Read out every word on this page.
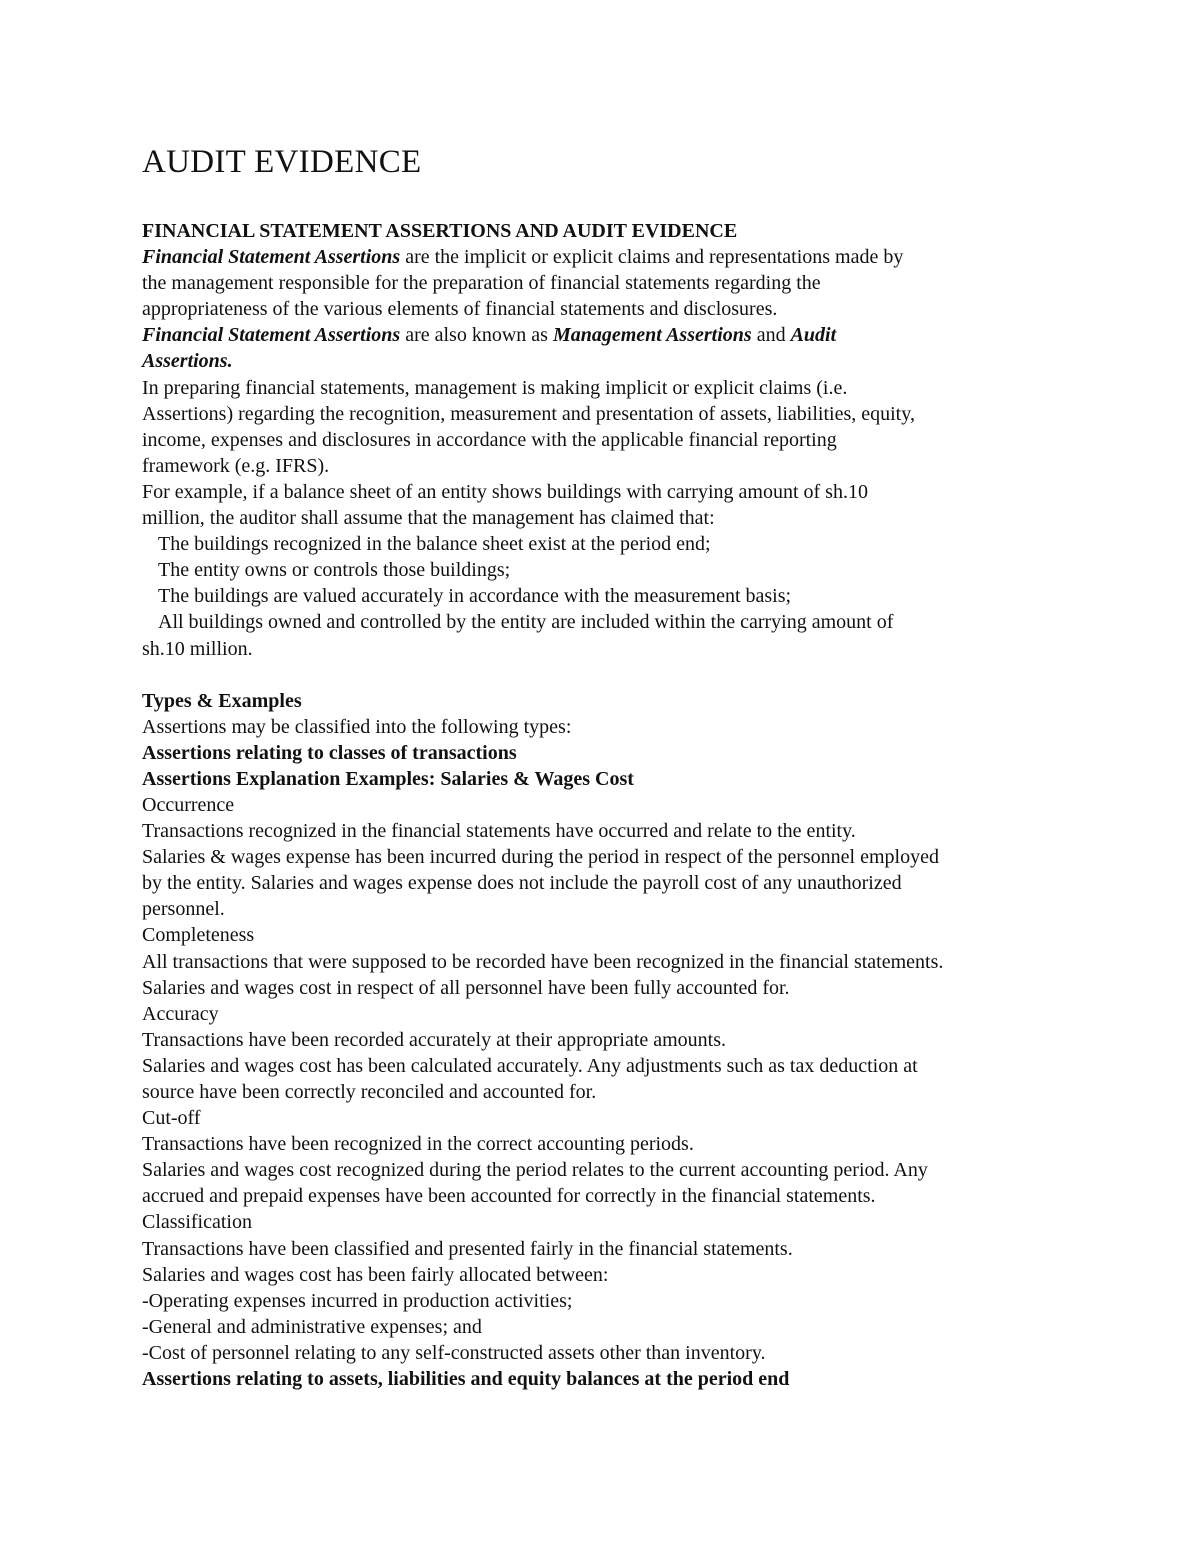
AUDIT EVIDENCE
FINANCIAL STATEMENT ASSERTIONS AND AUDIT EVIDENCE
Financial Statement Assertions are the implicit or explicit claims and representations made by
the management responsible for the preparation of financial statements regarding the
appropriateness of the various elements of financial statements and disclosures.
Financial Statement Assertions are also known as Management Assertions and Audit
Assertions.
In preparing financial statements, management is making implicit or explicit claims (i.e.
Assertions) regarding the recognition, measurement and presentation of assets, liabilities, equity,
income, expenses and disclosures in accordance with the applicable financial reporting
framework (e.g. IFRS).
For example, if a balance sheet of an entity shows buildings with carrying amount of sh.10
million, the auditor shall assume that the management has claimed that:
The buildings recognized in the balance sheet exist at the period end;
The entity owns or controls those buildings;
The buildings are valued accurately in accordance with the measurement basis;
All buildings owned and controlled by the entity are included within the carrying amount of
sh.10 million.
Types & Examples
Assertions may be classified into the following types:
Assertions relating to classes of transactions
Assertions Explanation Examples: Salaries & Wages Cost
Occurrence
Transactions recognized in the financial statements have occurred and relate to the entity.
Salaries & wages expense has been incurred during the period in respect of the personnel employed
by the entity. Salaries and wages expense does not include the payroll cost of any unauthorized
personnel.
Completeness
All transactions that were supposed to be recorded have been recognized in the financial statements.
Salaries and wages cost in respect of all personnel have been fully accounted for.
Accuracy
Transactions have been recorded accurately at their appropriate amounts.
Salaries and wages cost has been calculated accurately. Any adjustments such as tax deduction at
source have been correctly reconciled and accounted for.
Cut-off
Transactions have been recognized in the correct accounting periods.
Salaries and wages cost recognized during the period relates to the current accounting period. Any
accrued and prepaid expenses have been accounted for correctly in the financial statements.
Classification
Transactions have been classified and presented fairly in the financial statements.
Salaries and wages cost has been fairly allocated between:
-Operating expenses incurred in production activities;
-General and administrative expenses; and
-Cost of personnel relating to any self-constructed assets other than inventory.
Assertions relating to assets, liabilities and equity balances at the period end
